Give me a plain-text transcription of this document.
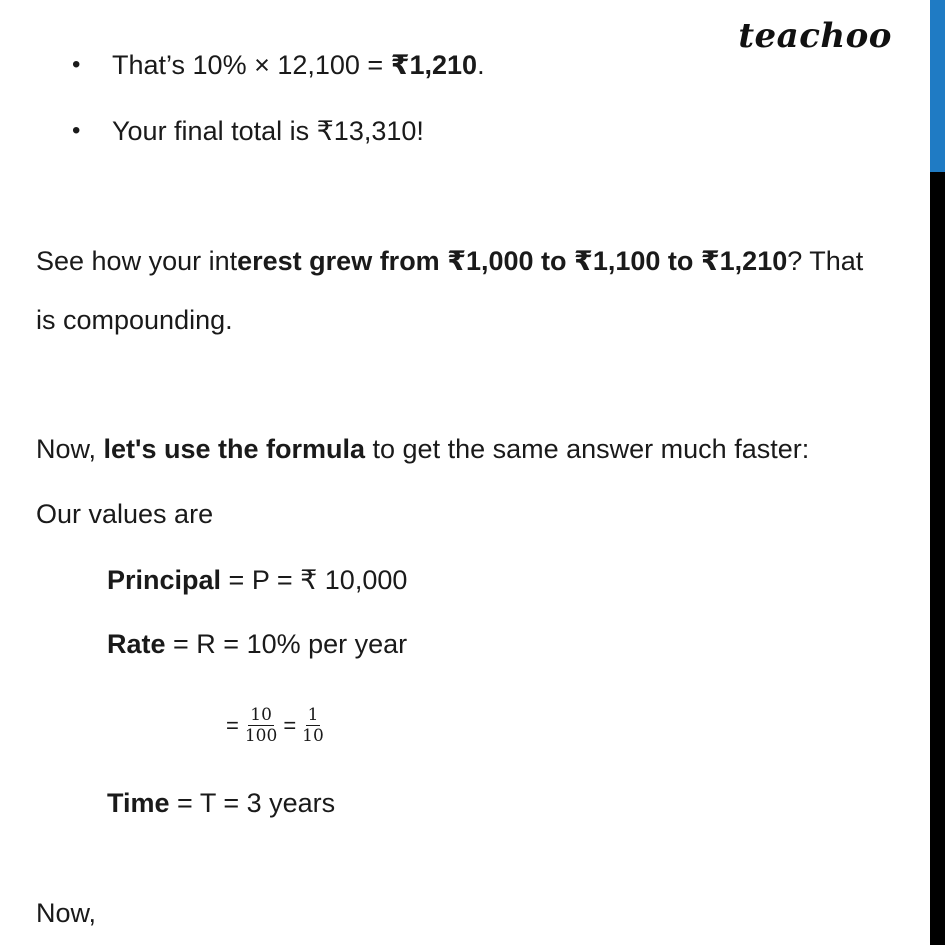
teachoo
• That’s 10% × 12,100 = ₹1,210.
• Your final total is ₹13,310!
See how your interest grew from ₹1,000 to ₹1,100 to ₹1,210? That
is compounding.
Now, let's use the formula to get the same answer much faster:
Our values are
Principal = P = ₹ 10,000
Rate = R = 10% per year
= $\frac{10}{100} = \frac{1}{10}$
Time = T = 3 years
Now,
